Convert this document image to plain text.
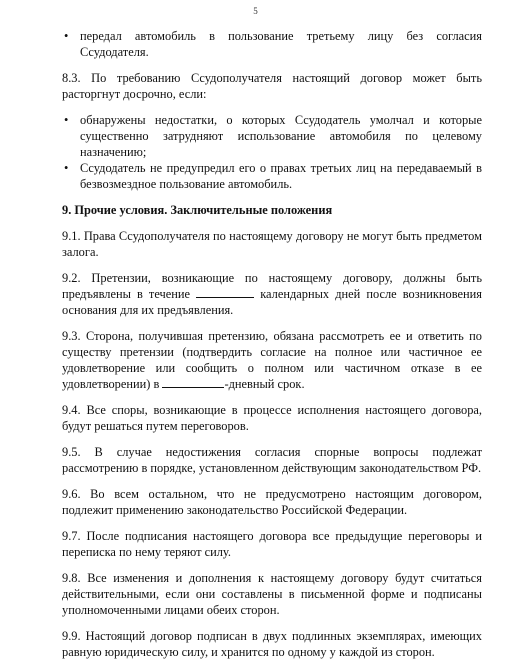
5
• передал автомобиль в пользование третьему лицу без согласия Ссудодателя.

8.3. По требованию Ссудополучателя настоящий договор может быть расторгнут досрочно, если:

• обнаружены недостатки, о которых Ссудодатель умолчал и которые существенно затрудняют использование автомобиля по целевому назначению;
• Ссудодатель не предупредил его о правах третьих лиц на передаваемый в безвозмездное пользование автомобиль.

9. Прочие условия. Заключительные положения

9.1. Права Ссудополучателя по настоящему договору не могут быть предметом залога.

9.2. Претензии, возникающие по настоящему договору, должны быть предъявлены в течение	календарных дней после возникновения основания для их предъявления.

9.3. Сторона, получившая претензию, обязана рассмотреть ее и ответить по существу претензии (подтвердить согласие на полное или частичное ее удовлетворение или сообщить о полном или частичном отказе в ее удовлетворении) в	-дневный срок.

9.4. Все споры, возникающие в процессе исполнения настоящего договора, будут решаться путем переговоров.

9.5. В случае недостижения согласия спорные вопросы подлежат рассмотрению в порядке, установленном действующим законодательством РФ.

9.6. Во всем остальном, что не предусмотрено настоящим договором, подлежит применению законодательство Российской Федерации.

9.7. После подписания настоящего договора все предыдущие переговоры и переписка по нему теряют силу.

9.8. Все изменения и дополнения к настоящему договору будут считаться действительными, если они составлены в письменной форме и подписаны уполномоченными лицами обеих сторон.

9.9. Настоящий договор подписан в двух подлинных экземплярах, имеющих равную юридическую силу, и хранится по одному у каждой из сторон.
